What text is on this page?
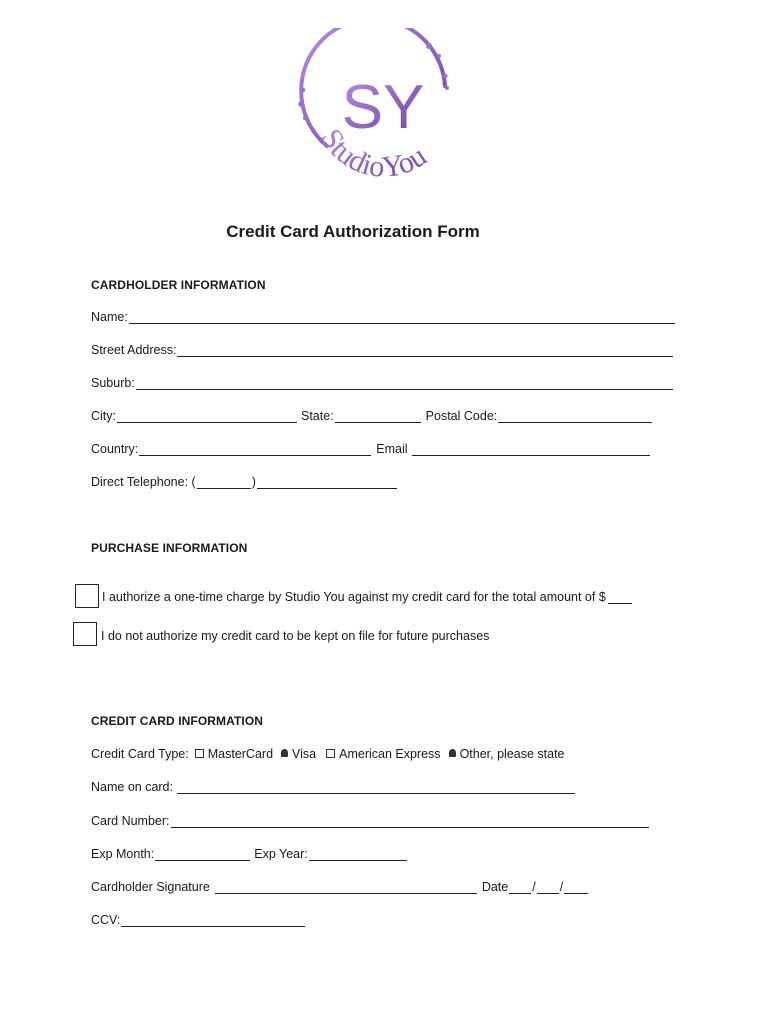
SY
StudioYou
Credit Card Authorization Form
CARDHOLDER INFORMATION
Name:
Street Address:
Suburb:
City:	State:	Postal Code:
Country:	Email
Direct Telephone: (	)
PURCHASE INFORMATION
I authorize a one-time charge by Studio You against my credit card for the total amount of $
I do not authorize my credit card to be kept on file for future purchases
CREDIT CARD INFORMATION
Credit Card Type: MasterCard Visa American Express Other, please state
Name on card:
Card Number:
Exp Month:	Exp Year:
Cardholder Signature	Date / /
CCV:
